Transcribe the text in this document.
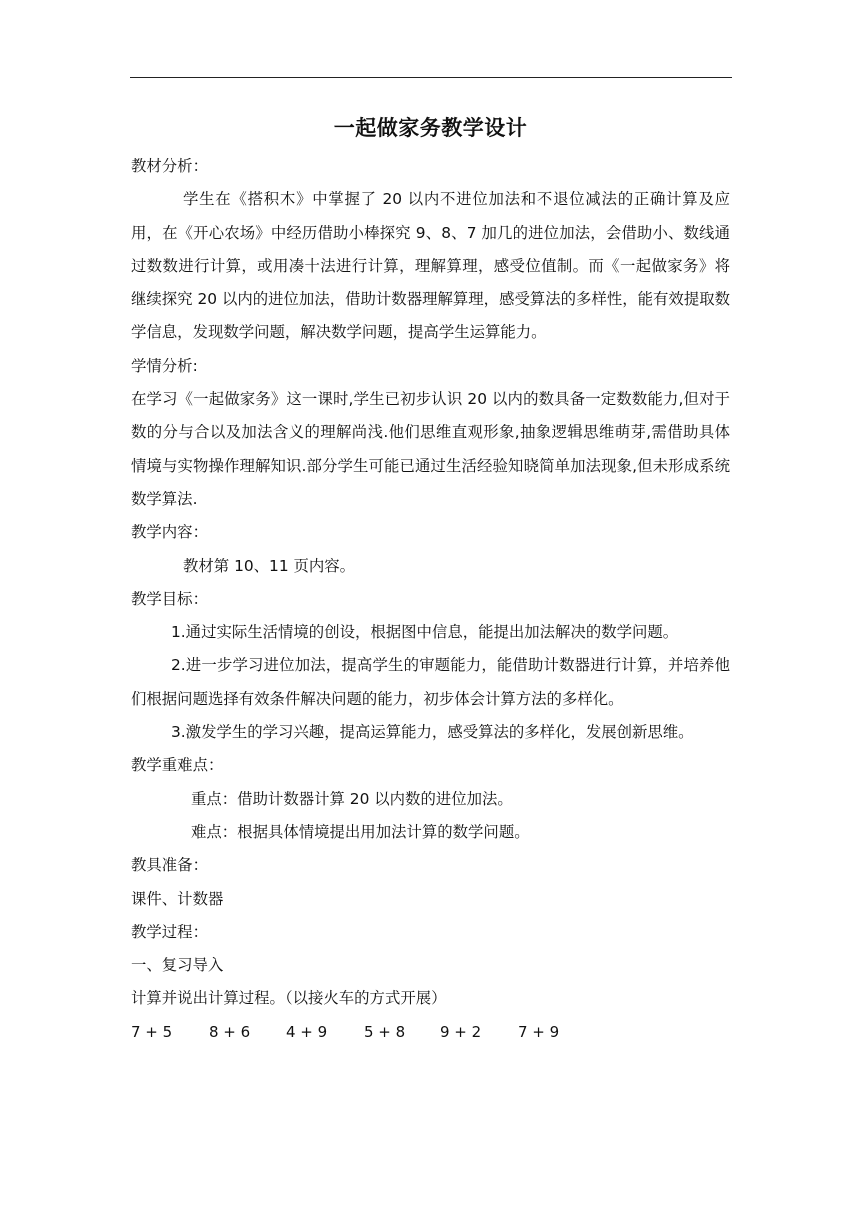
一起做家务教学设计

教材分析：

学生在《搭积木》中掌握了 20 以内不进位加法和不退位减法的正确计算及应用，在《开心农场》中经历借助小棒探究 9、8、7 加几的进位加法，会借助小、数线通过数数进行计算，或用凑十法进行计算，理解算理，感受位值制。而《一起做家务》将继续探究 20 以内的进位加法，借助计数器理解算理，感受算法的多样性，能有效提取数学信息，发现数学问题，解决数学问题，提高学生运算能力。

学情分析:

在学习《一起做家务》这一课时,学生已初步认识 20 以内的数具备一定数数能力,但对于数的分与合以及加法含义的理解尚浅.他们思维直观形象,抽象逻辑思维萌芽,需借助具体情境与实物操作理解知识.部分学生可能已通过生活经验知晓简单加法现象,但未形成系统数学算法.

教学内容：

教材第 10、11 页内容。

教学目标：

1.通过实际生活情境的创设，根据图中信息，能提出加法解决的数学问题。

2.进一步学习进位加法，提高学生的审题能力，能借助计数器进行计算，并培养他们根据问题选择有效条件解决问题的能力，初步体会计算方法的多样化。

3.激发学生的学习兴趣，提高运算能力，感受算法的多样化，发展创新思维。

教学重难点：

重点：借助计数器计算 20 以内数的进位加法。

难点：根据具体情境提出用加法计算的数学问题。

教具准备：

课件、计数器

教学过程：

一、复习导入

计算并说出计算过程。（以接火车的方式开展）

7 + 5	8 + 6	4 + 9	5 + 8	9 + 2	7 + 9
